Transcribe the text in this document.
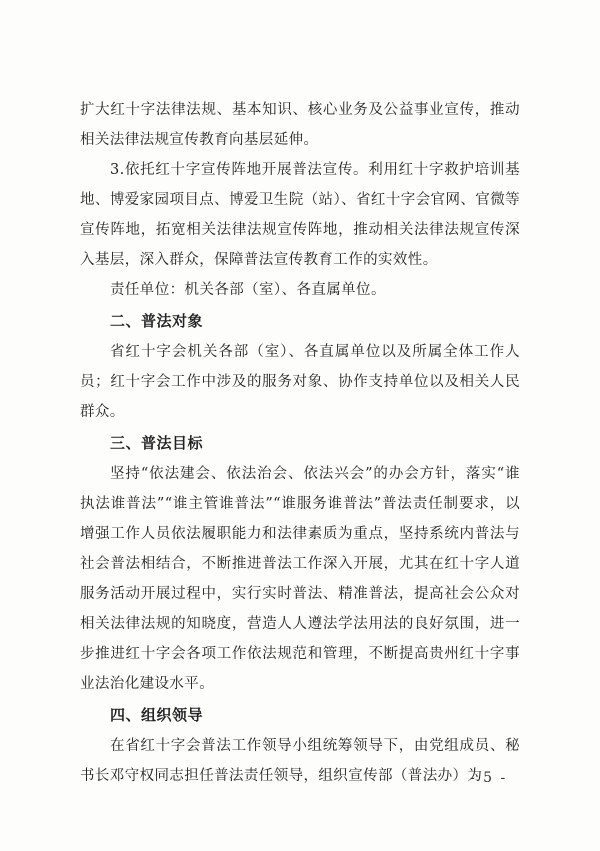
扩大红十字法律法规、基本知识、核心业务及公益事业宣传，推动相关法律法规宣传教育向基层延伸。

3.依托红十字宣传阵地开展普法宣传。利用红十字救护培训基地、博爱家园项目点、博爱卫生院（站）、省红十字会官网、官微等宣传阵地，拓宽相关法律法规宣传阵地，推动相关法律法规宣传深入基层，深入群众，保障普法宣传教育工作的实效性。

责任单位：机关各部（室）、各直属单位。

二、普法对象

省红十字会机关各部（室）、各直属单位以及所属全体工作人员；红十字会工作中涉及的服务对象、协作支持单位以及相关人民群众。

三、普法目标

坚持“依法建会、依法治会、依法兴会”的办会方针，落实“谁执法谁普法”“谁主管谁普法”“谁服务谁普法”普法责任制要求，以增强工作人员依法履职能力和法律素质为重点，坚持系统内普法与社会普法相结合，不断推进普法工作深入开展，尤其在红十字人道服务活动开展过程中，实行实时普法、精准普法，提高社会公众对相关法律法规的知晓度，营造人人遵法学法用法的良好氛围，进一步推进红十字会各项工作依法规范和管理，不断提高贵州红十字事业法治化建设水平。

四、组织领导

在省红十字会普法工作领导小组统筹领导下，由党组成员、秘书长邓守权同志担任普法责任领导，组织宣传部（普法办）为

- 5 -
